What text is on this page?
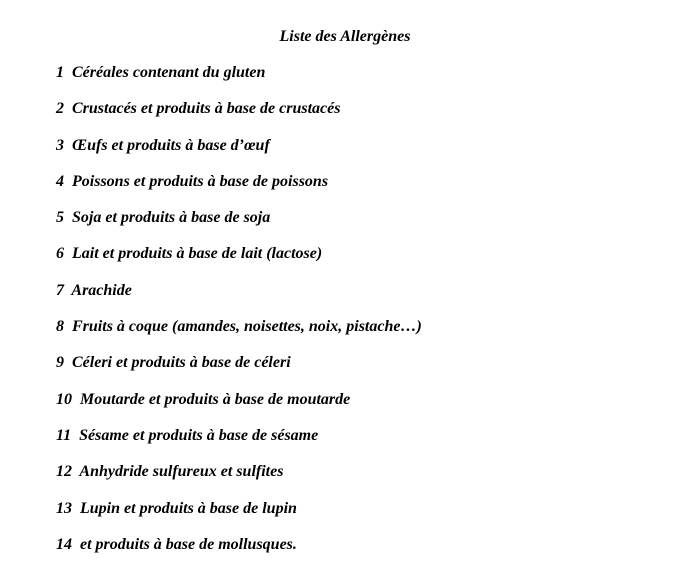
Liste des Allergènes
1 Céréales contenant du gluten
2 Crustacés et produits à base de crustacés
3 Œufs et produits à base d’œuf
4 Poissons et produits à base de poissons
5 Soja et produits à base de soja
6 Lait et produits à base de lait (lactose)
7 Arachide
8 Fruits à coque (amandes, noisettes, noix, pistache…)
9 Céleri et produits à base de céleri
10 Moutarde et produits à base de moutarde
11 Sésame et produits à base de sésame
12 Anhydride sulfureux et sulfites
13 Lupin et produits à base de lupin
14 et produits à base de mollusques.
